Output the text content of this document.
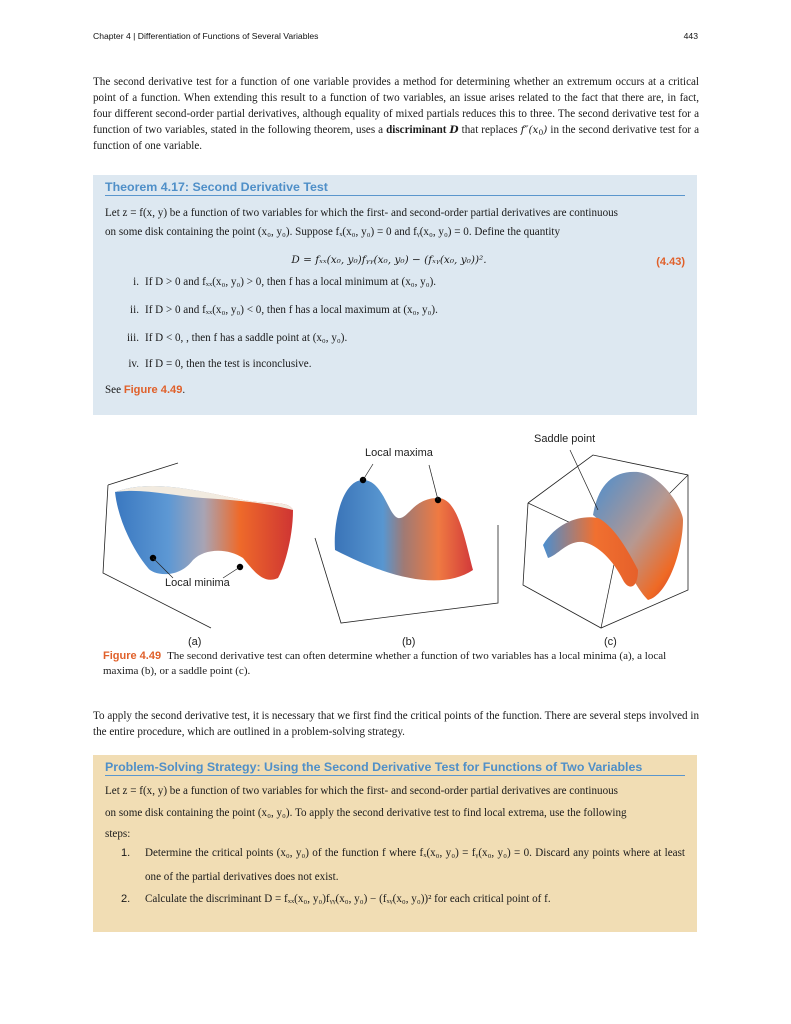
Chapter 4 | Differentiation of Functions of Several Variables	443
The second derivative test for a function of one variable provides a method for determining whether an extremum occurs at a critical point of a function. When extending this result to a function of two variables, an issue arises related to the fact that there are, in fact, four different second-order partial derivatives, although equality of mixed partials reduces this to three. The second derivative test for a function of two variables, stated in the following theorem, uses a discriminant D that replaces $f''(x_0)$ in the second derivative test for a function of one variable.
Theorem 4.17: Second Derivative Test
Let z = f(x, y) be a function of two variables for which the first- and second-order partial derivatives are continuous
on some disk containing the point (x₀, y₀). Suppose fₓ(x₀, y₀) = 0 and fᵧ(x₀, y₀) = 0. Define the quantity
D = fₓₓ(x₀, y₀)fᵧᵧ(x₀, y₀) − (fₓᵧ(x₀, y₀))².	(4.43)
i. If D > 0 and fₓₓ(x₀, y₀) > 0, then f has a local minimum at (x₀, y₀).
ii. If D > 0 and fₓₓ(x₀, y₀) < 0, then f has a local maximum at (x₀, y₀).
iii. If D < 0, , then f has a saddle point at (x₀, y₀).
iv. If D = 0, then the test is inconclusive.
See Figure 4.49.
Local minima
Local maxima
Saddle point
(a)	(b)	(c)
Figure 4.49 The second derivative test can often determine whether a function of two variables has a local minima (a), a local maxima (b), or a saddle point (c).
To apply the second derivative test, it is necessary that we first find the critical points of the function. There are several steps involved in the entire procedure, which are outlined in a problem-solving strategy.
Problem-Solving Strategy: Using the Second Derivative Test for Functions of Two Variables
Let z = f(x, y) be a function of two variables for which the first- and second-order partial derivatives are continuous
on some disk containing the point (x₀, y₀). To apply the second derivative test to find local extrema, use the following
steps:
1. Determine the critical points (x₀, y₀) of the function f where fₓ(x₀, y₀) = fᵧ(x₀, y₀) = 0. Discard any points where at least one of the partial derivatives does not exist.
2. Calculate the discriminant D = fₓₓ(x₀, y₀)fᵧᵧ(x₀, y₀) − (fₓᵧ(x₀, y₀))² for each critical point of f.
